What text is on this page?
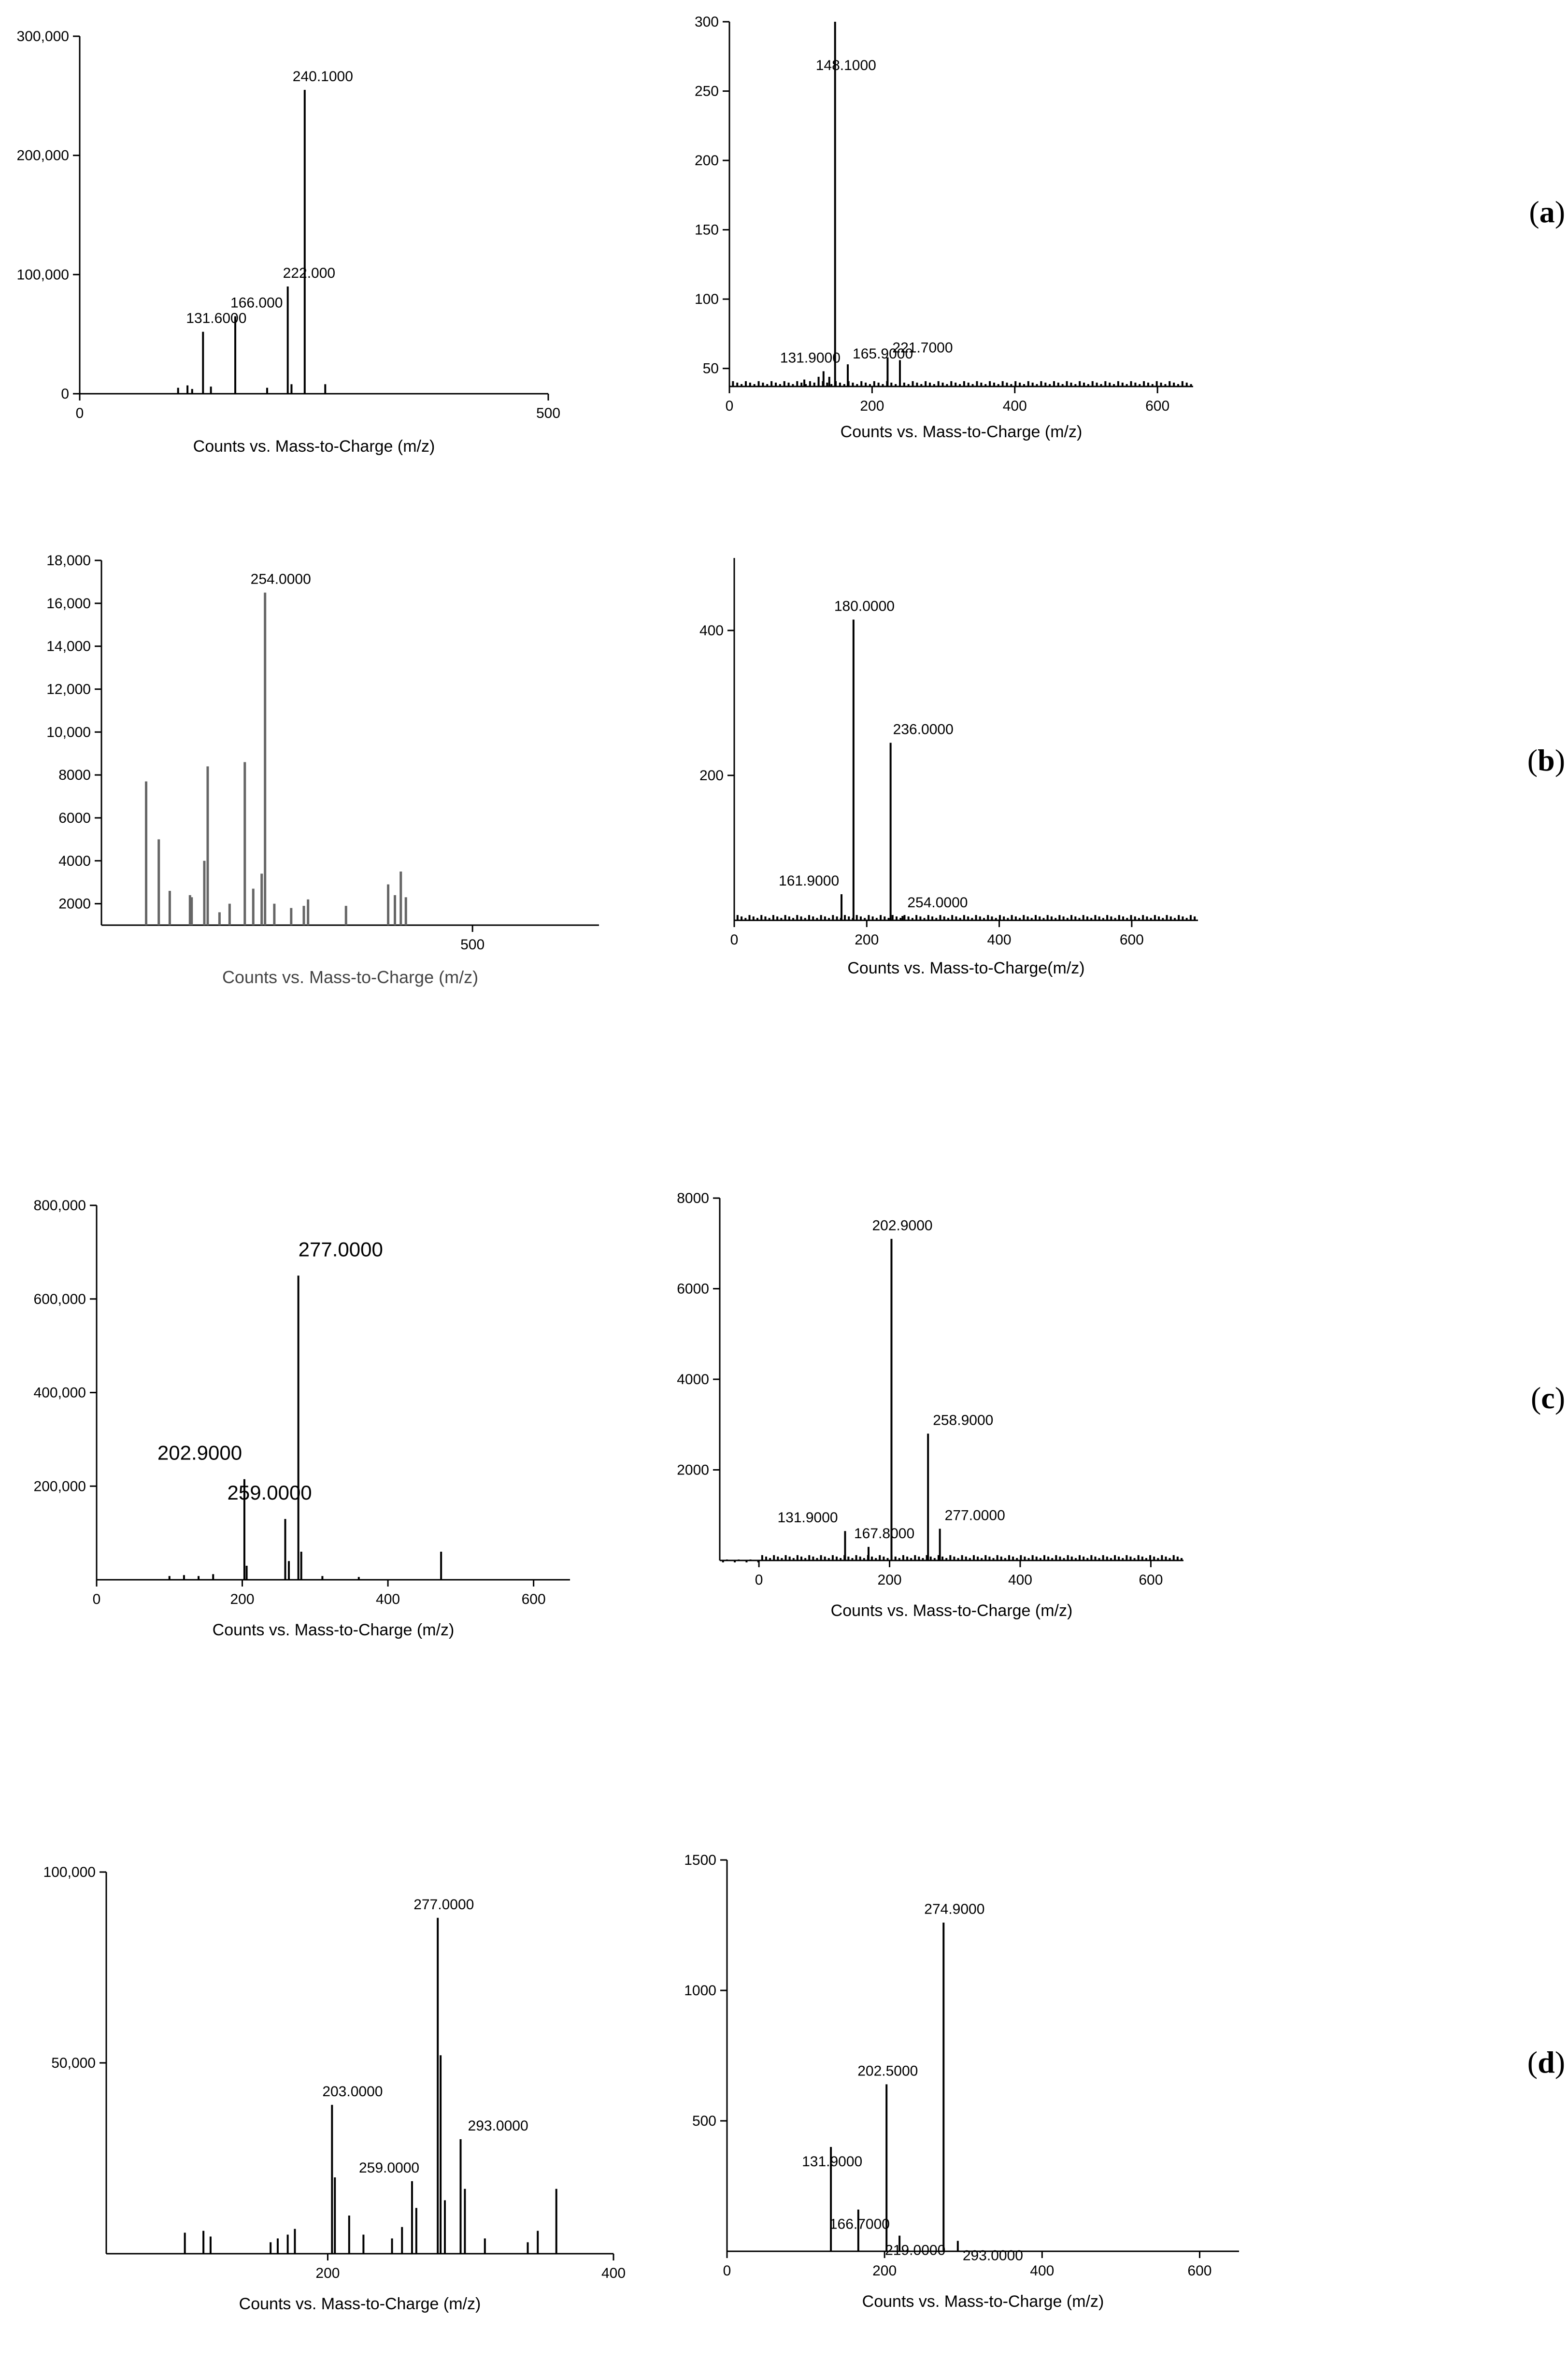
0
100,000
200,000
300,000
0	500
131.6000
166.000
222.000
240.1000
Counts vs. Mass-to-Charge (m/z)
50
100
150
200
250
300
0	200	400	600
131.9000
148.1000
165.9000
221.7000
Counts vs. Mass-to-Charge (m/z)
2000
4000
6000
8000
10,000
12,000
14,000
16,000
18,000
500
254.0000
Counts vs. Mass-to-Charge (m/z)
200
400
0	200	400	600
161.9000
180.0000
236.0000
254.0000
Counts vs. Mass-to-Charge(m/z)
200,000
400,000
600,000
800,000
0	200	400	600
202.9000
259.0000
277.0000
Counts vs. Mass-to-Charge (m/z)
2000
4000
6000
8000
0	200	400	600
131.9000
167.8000
202.9000
258.9000
277.0000
Counts vs. Mass-to-Charge (m/z)
50,000
100,000
200	400
203.0000
259.0000
277.0000
293.0000
Counts vs. Mass-to-Charge (m/z)
500
1000
1500
0	200	400	600
131.9000
166.7000
202.5000
219.0000
274.9000
293.0000
Counts vs. Mass-to-Charge (m/z)
(a)
(b)
(c)
(d)
